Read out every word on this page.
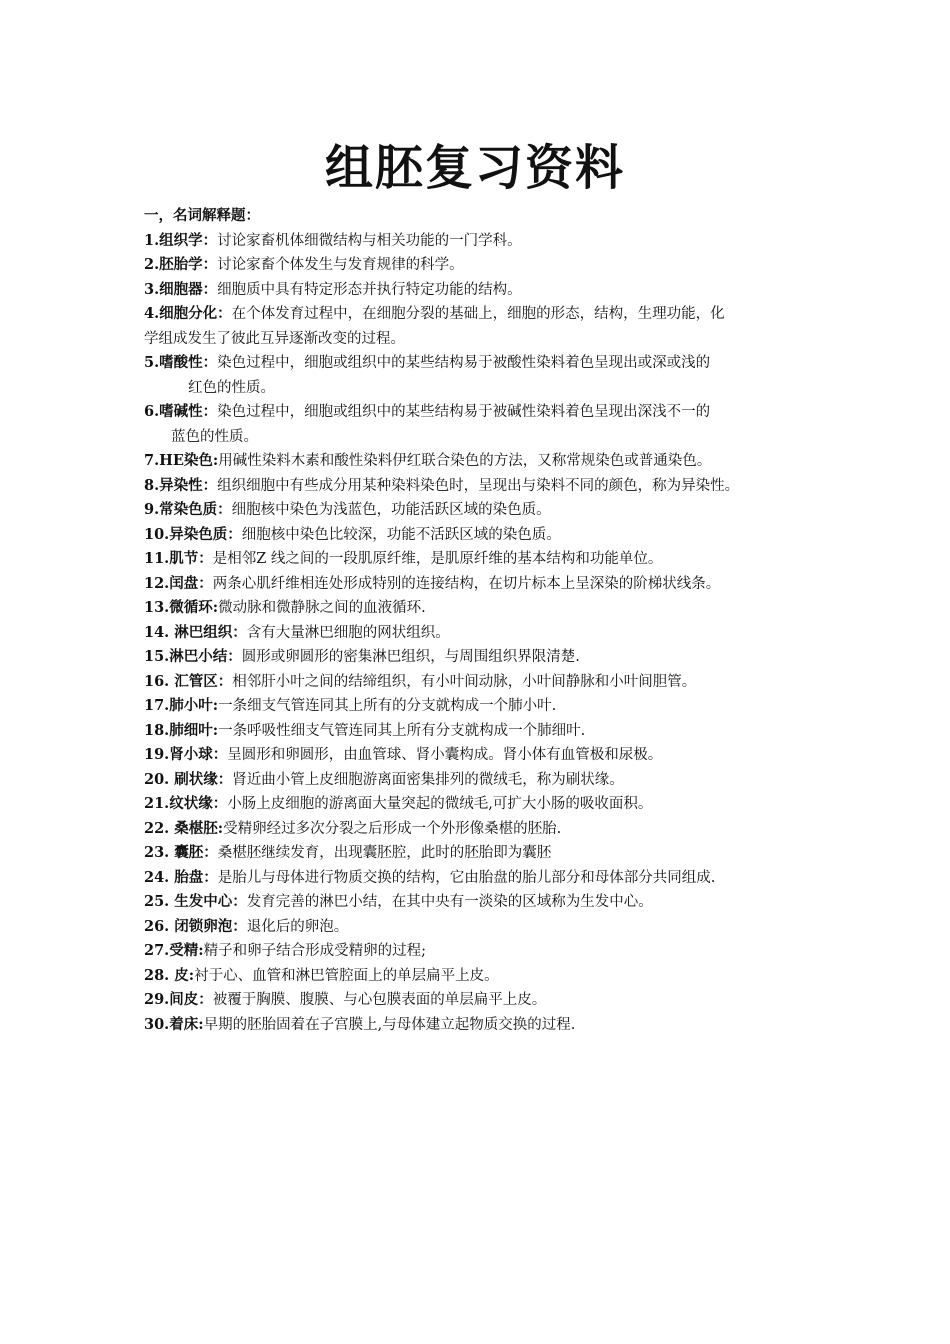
组胚复习资料
一，名词解释题：

1.组织学：讨论家畜机体细微结构与相关功能的一门学科。

2.胚胎学：讨论家畜个体发生与发育规律的科学。

3.细胞器：细胞质中具有特定形态并执行特定功能的结构。

4.细胞分化：在个体发育过程中，在细胞分裂的基础上，细胞的形态，结构，生理功能，化

学组成发生了彼此互异逐渐改变的过程。

5.嗜酸性：染色过程中，细胞或组织中的某些结构易于被酸性染料着色呈现出或深或浅的

红色的性质。

6.嗜碱性：染色过程中，细胞或组织中的某些结构易于被碱性染料着色呈现出深浅不一的

蓝色的性质。

7.HE染色:用碱性染料木素和酸性染料伊红联合染色的方法，又称常规染色或普通染色。

8.异染性：组织细胞中有些成分用某种染料染色时，呈现出与染料不同的颜色，称为异染性。

9.常染色质：细胞核中染色为浅蓝色，功能活跃区域的染色质。

10.异染色质：细胞核中染色比较深，功能不活跃区域的染色质。

11.肌节：是相邻Z 线之间的一段肌原纤维，是肌原纤维的基本结构和功能单位。

12.闰盘：两条心肌纤维相连处形成特别的连接结构，在切片标本上呈深染的阶梯状线条。

13.微循环:微动脉和微静脉之间的血液循环.

14. 淋巴组织：含有大量淋巴细胞的网状组织。

15.淋巴小结：圆形或卵圆形的密集淋巴组织，与周围组织界限清楚.

16. 汇管区：相邻肝小叶之间的结缔组织，有小叶间动脉，小叶间静脉和小叶间胆管。

17.肺小叶:一条细支气管连同其上所有的分支就构成一个肺小叶.

18.肺细叶:一条呼吸性细支气管连同其上所有分支就构成一个肺细叶.

19.肾小球：呈圆形和卵圆形，由血管球、肾小囊构成。肾小体有血管极和尿极。

20. 刷状缘：肾近曲小管上皮细胞游离面密集排列的微绒毛，称为刷状缘。

21.纹状缘：小肠上皮细胞的游离面大量突起的微绒毛,可扩大小肠的吸收面积。

22. 桑椹胚:受精卵经过多次分裂之后形成一个外形像桑椹的胚胎.

23. 囊胚：桑椹胚继续发育，出现囊胚腔，此时的胚胎即为囊胚

24. 胎盘：是胎儿与母体进行物质交换的结构，它由胎盘的胎儿部分和母体部分共同组成.

25. 生发中心：发育完善的淋巴小结，在其中央有一淡染的区域称为生发中心。

26. 闭锁卵泡：退化后的卵泡。

27.受精:精子和卵子结合形成受精卵的过程;

28. 皮:衬于心、血管和淋巴管腔面上的单层扁平上皮。

29.间皮：被覆于胸膜、腹膜、与心包膜表面的单层扁平上皮。

30.着床:早期的胚胎固着在子宫膜上,与母体建立起物质交换的过程.
